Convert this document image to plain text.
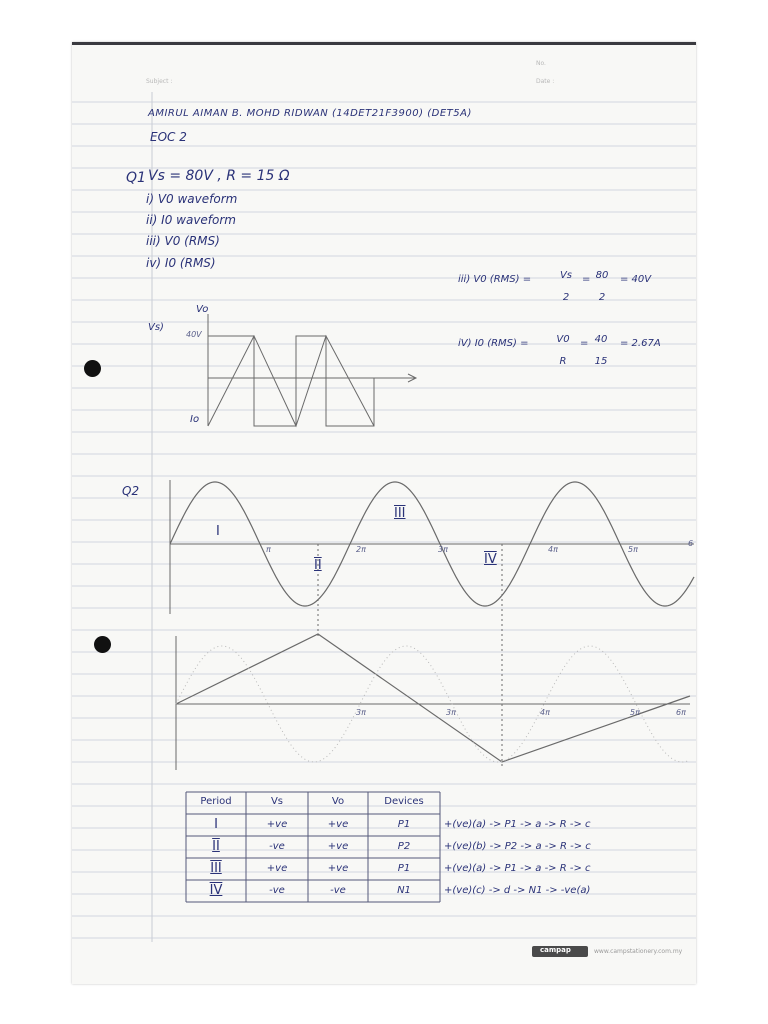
Subject :
No.
Date :
AMIRUL AIMAN B. MOHD RIDWAN (14DET21F3900) (DET5A)
EOC 2
Q1 Vs = 80V , R = 15 Ω
i) V0 waveform
ii) I0 waveform
iii) V0 (RMS)
iv) I0 (RMS)
iii) V0 (RMS) =	Vs
2
= 80
2
= 40V
iV) I0 (RMS) =	V0
R
= 40
15
= 2.67A
Vs)
Vo
40V
Io
Q2
π	2π	3π	4π	5π
6
I
II
III
IV
3π	3π	4π	5π	6π
Period	Vs	Vo	Devices
I	+ve	+ve	P1	+(ve)(a) -> P1 -> a -> R -> c
II	-ve	+ve	P2	+(ve)(b) -> P2 -> a -> R -> c
III	+ve	+ve	P1	+(ve)(a) -> P1 -> a -> R -> c
IV	-ve	-ve	N1	+(ve)(c) -> d -> N1 -> -ve(a)
campap	www.campstationery.com.my
